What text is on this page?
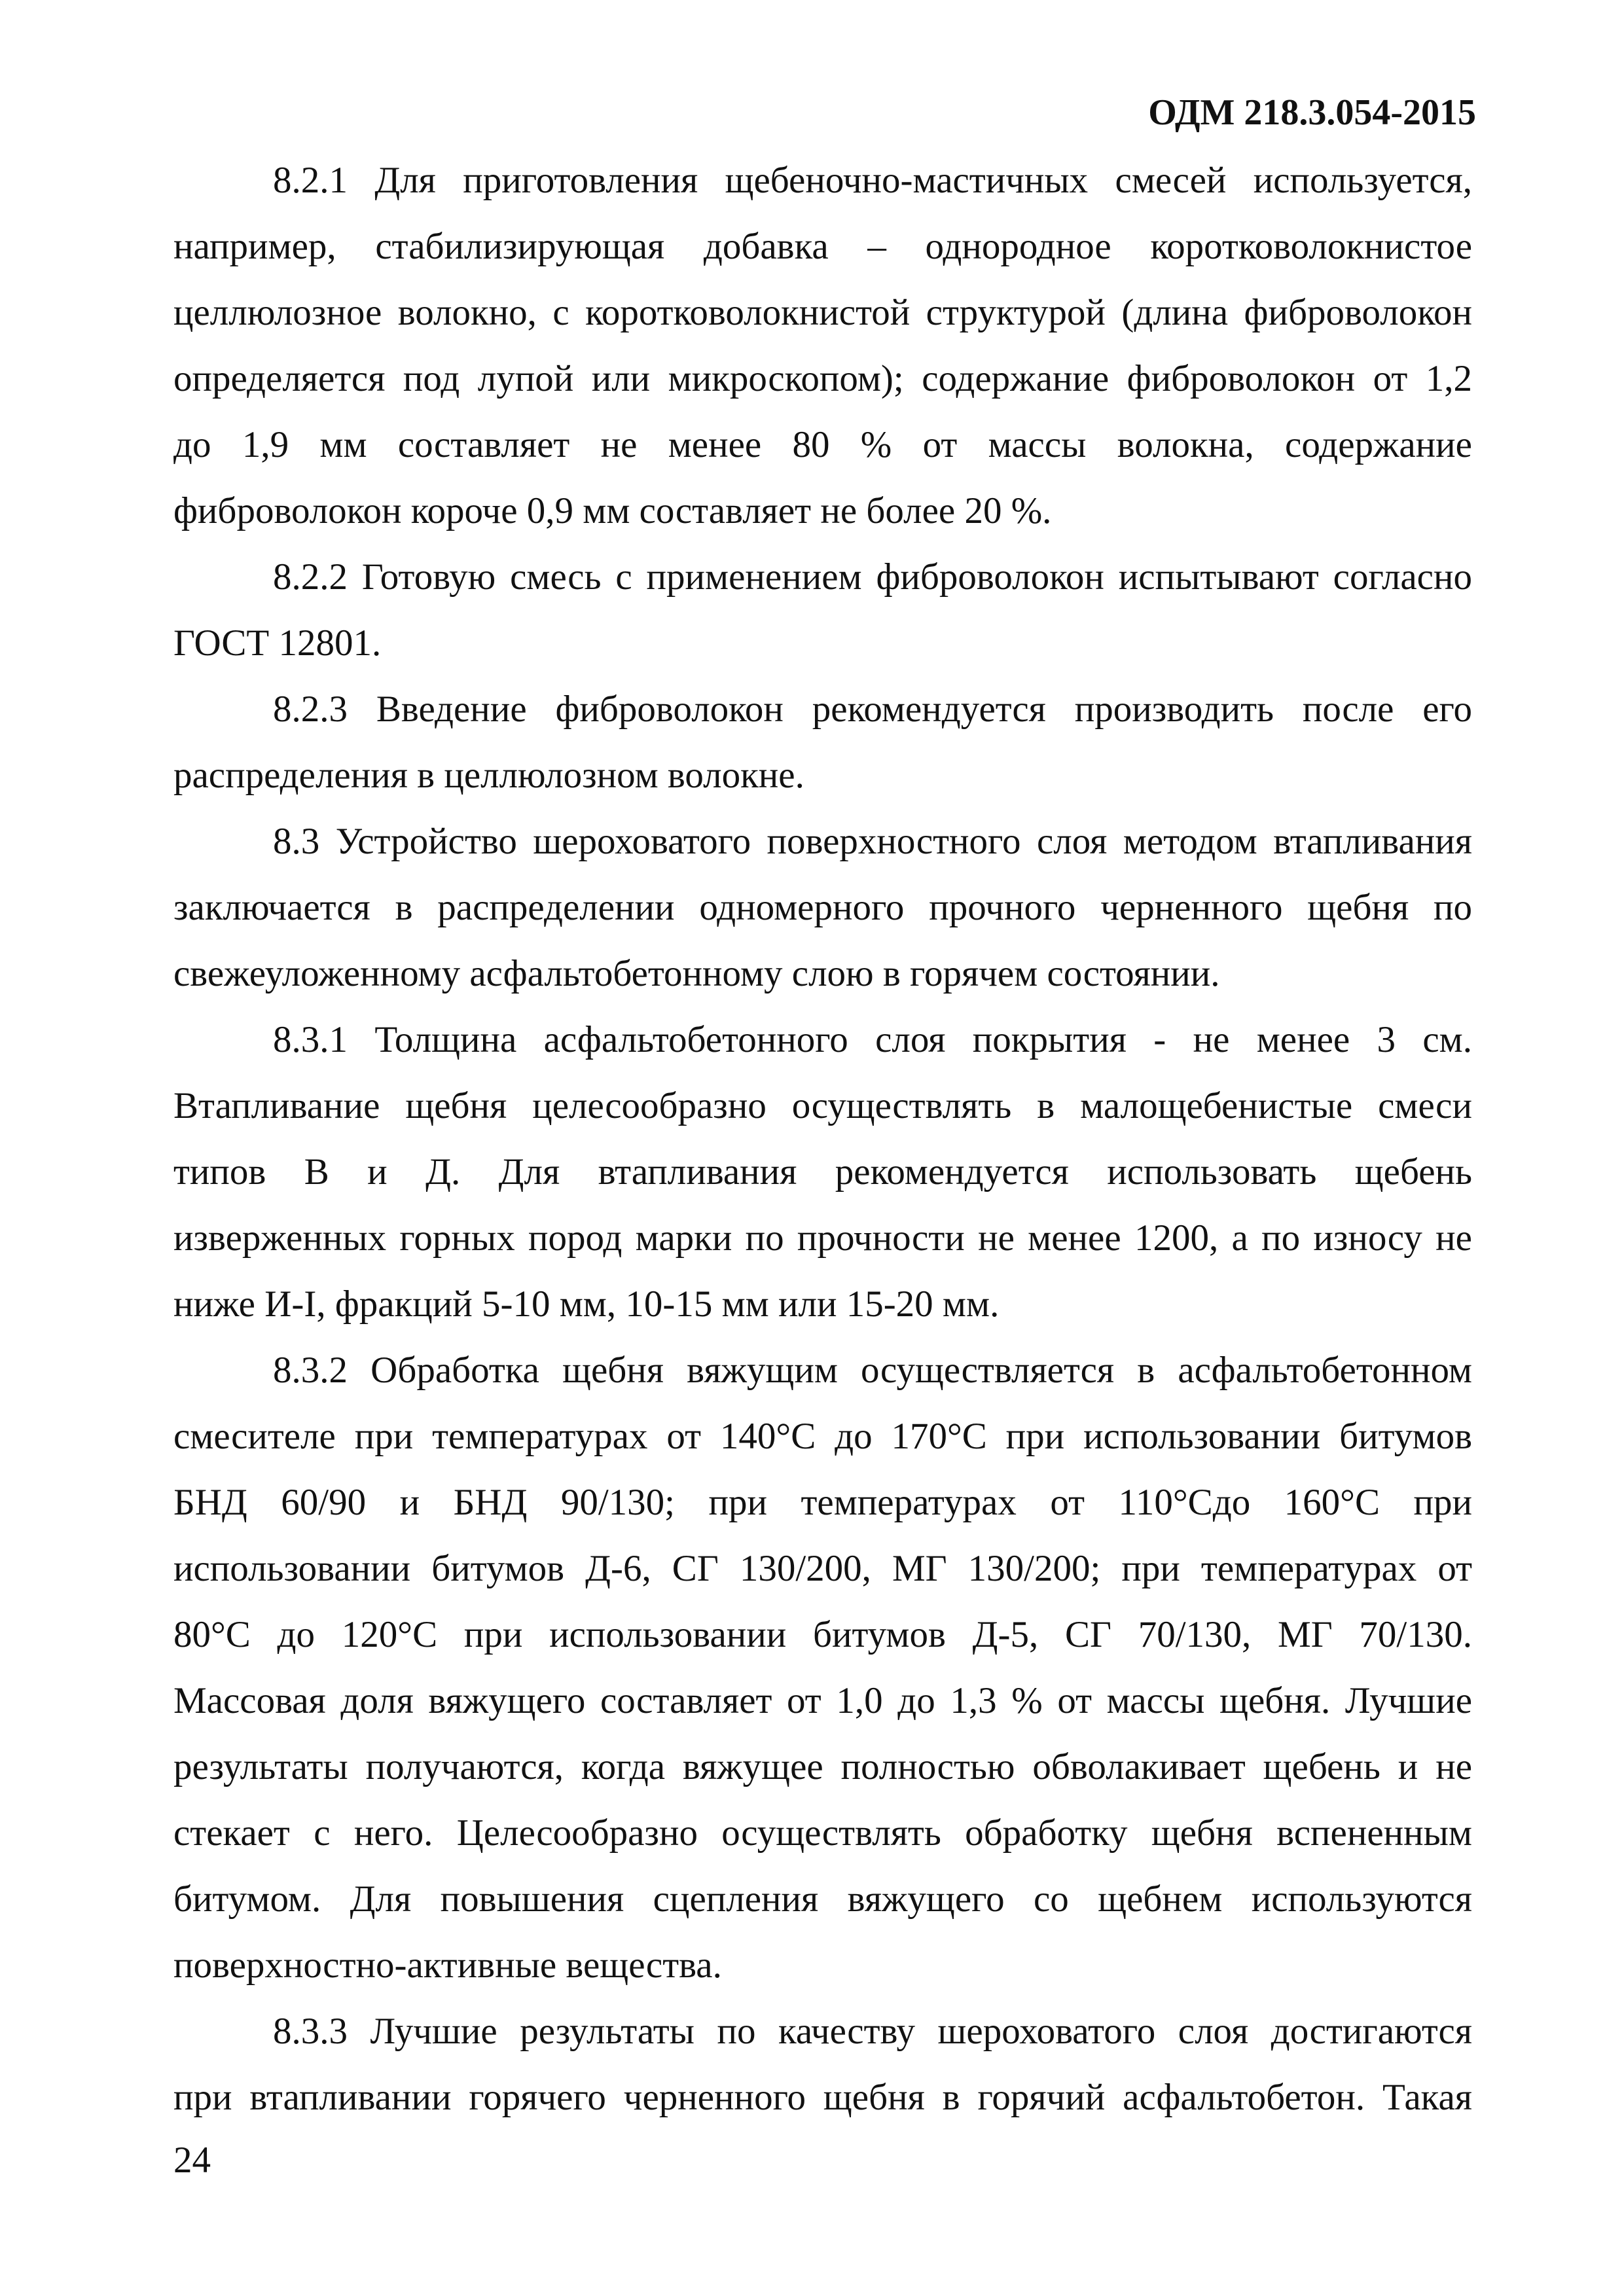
ОДМ 218.3.054-2015

8.2.1 Для приготовления щебеночно-мастичных смесей используется,
например, стабилизирующая добавка – однородное коротковолокнистое
целлюлозное волокно, с коротковолокнистой структурой (длина фиброволокон
определяется под лупой или микроскопом); содержание фиброволокон от 1,2
до 1,9 мм составляет не менее 80 % от массы волокна, содержание
фиброволокон короче 0,9 мм составляет не более 20 %.
8.2.2 Готовую смесь с применением фиброволокон испытывают согласно
ГОСТ 12801.
8.2.3 Введение фиброволокон рекомендуется производить после его
распределения в целлюлозном волокне.
8.3 Устройство шероховатого поверхностного слоя методом втапливания
заключается в распределении одномерного прочного черненного щебня по
свежеуложенному асфальтобетонному слою в горячем состоянии.
8.3.1 Толщина асфальтобетонного слоя покрытия - не менее 3 см.
Втапливание щебня целесообразно осуществлять в малощебенистые смеси
типов В и Д. Для втапливания рекомендуется использовать щебень
изверженных горных пород марки по прочности не менее 1200, а по износу не
ниже И-I, фракций 5-10 мм, 10-15 мм или 15-20 мм.
8.3.2 Обработка щебня вяжущим осуществляется в асфальтобетонном
смесителе при температурах от 140°С до 170°С при использовании битумов
БНД 60/90 и БНД 90/130; при температурах от 110°Сдо 160°С при
использовании битумов Д-6, СГ 130/200, МГ 130/200; при температурах от
80°С до 120°С при использовании битумов Д-5, СГ 70/130, МГ 70/130.
Массовая доля вяжущего составляет от 1,0 до 1,3 % от массы щебня. Лучшие
результаты получаются, когда вяжущее полностью обволакивает щебень и не
стекает с него. Целесообразно осуществлять обработку щебня вспененным
битумом. Для повышения сцепления вяжущего со щебнем используются
поверхностно-активные вещества.
8.3.3 Лучшие результаты по качеству шероховатого слоя достигаются
при втапливании горячего черненного щебня в горячий асфальтобетон. Такая

24
